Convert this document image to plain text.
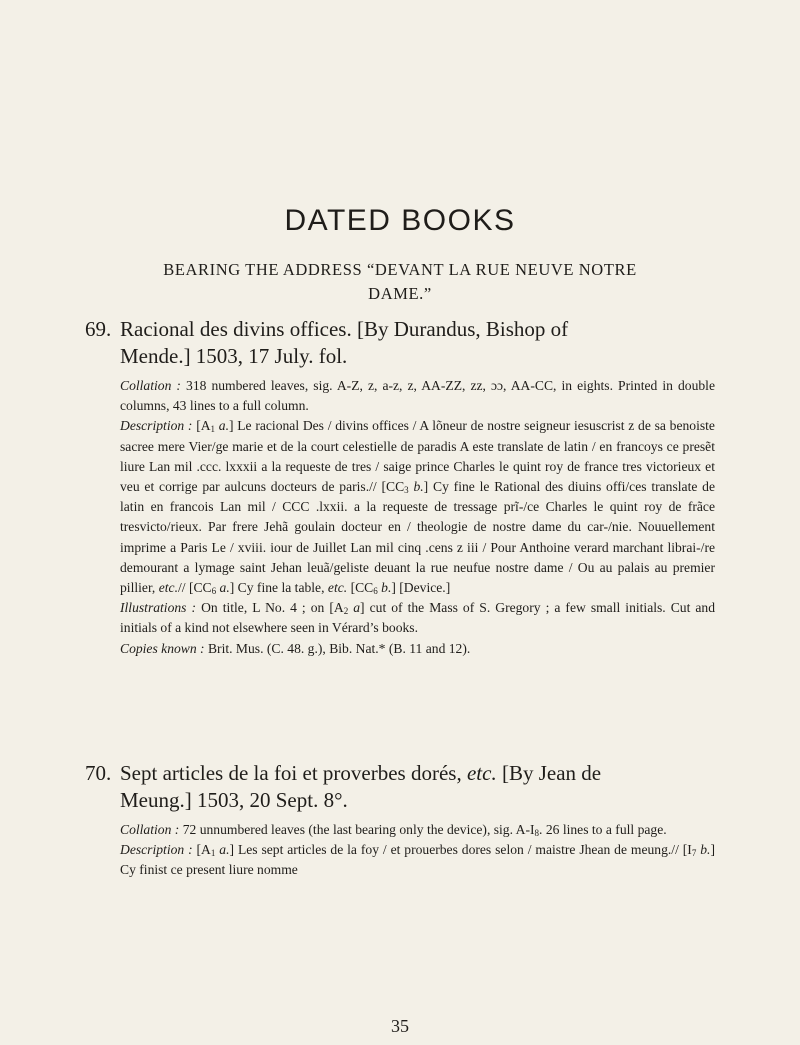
DATED BOOKS
BEARING THE ADDRESS “DEVANT LA RUE NEUVE NOTRE DAME.”
69. Racional des divins offices. [By Durandus, Bishop of
Mende.] 1503, 17 July. fol.

Collation : 318 numbered leaves, sig. A-Z, z, a-z, z, AA-ZZ, zz, ɔɔ, AA-CC, in eights. Printed in double columns, 43 lines to a full column.

Description : [$A_1$ a.] Le racional Des / divins offices / A lõneur de nostre seigneur iesuscrist z de sa benoiste sacree mere Vier/ge marie et de la court celestielle de paradis A este translate de latin / en francoys ce presẽt liure Lan mil .ccc. lxxxii a la requeste de tres / saige prince Charles le quint roy de france tres victorieux et veu et corrige par aulcuns docteurs de paris.// [$CC_3$ b.] Cy fine le Rational des diuins offi/ces translate de latin en francois Lan mil / CCC .lxxii. a la requeste de tressage prĩ-/ce Charles le quint roy de frãce tresvicto/rieux. Par frere Jehã goulain docteur en / theologie de nostre dame du car-/nie. Nouuellement imprime a Paris Le / xviii. iour de Juillet Lan mil cinq .cens z iii / Pour Anthoine verard marchant librai-/re demourant a lymage saint Jehan leuã/geliste deuant la rue neufue nostre dame / Ou au palais au premier pillier, etc.// [$CC_6$ a.] Cy fine la table, etc. [$CC_6$ b.] [Device.]

Illustrations : On title, L No. 4 ; on [$A_2$ a] cut of the Mass of S. Gregory ; a few small initials. Cut and initials of a kind not elsewhere seen in Vérard’s books.

Copies known : Brit. Mus. (C. 48. g.), Bib. Nat.* (B. 11 and 12).

70. Sept articles de la foi et proverbes dorés, etc. [By Jean de
Meung.] 1503, 20 Sept. 8°.

Collation : 72 unnumbered leaves (the last bearing only the device), sig. $A-I_8$. 26 lines to a full page.

Description : [$A_1$ a.] Les sept articles de la foy / et prouerbes dores selon / maistre Jhean de meung.// [$I_7$ b.] Cy finist ce present liure nomme

35
